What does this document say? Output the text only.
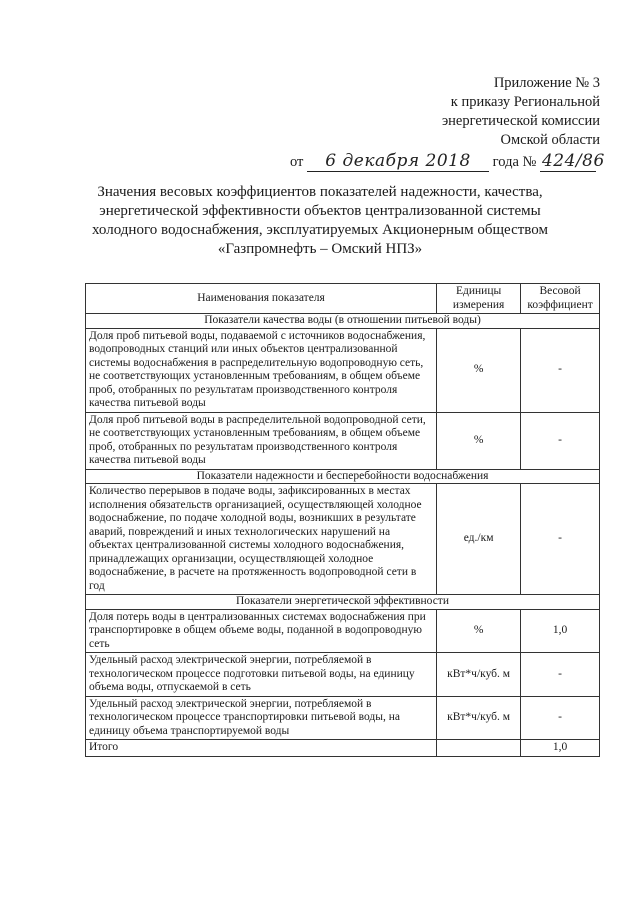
Приложение № 3
к приказу Региональной
энергетической комиссии
Омской области
от 6 декабря 2018 года № 424/86
Значения весовых коэффициентов показателей надежности, качества,
энергетической эффективности объектов централизованной системы
холодного водоснабжения, эксплуатируемых Акционерным обществом
«Газпромнефть – Омский НПЗ»
Наименования показателя	Единицы измерения	Весовой коэффициент
Показатели качества воды (в отношении питьевой воды)		
Доля проб питьевой воды, подаваемой с источников водоснабжения, водопроводных станций или иных объектов централизованной системы водоснабжения в распределительную водопроводную сеть, не соответствующих установленным требованиям, в общем объеме проб, отобранных по результатам производственного контроля качества питьевой воды	%	-
Доля проб питьевой воды в распределительной водопроводной сети, не соответствующих установленным требованиям, в общем объеме проб, отобранных по результатам производственного контроля качества питьевой воды	%	-
Показатели надежности и бесперебойности водоснабжения		
Количество перерывов в подаче воды, зафиксированных в местах исполнения обязательств организацией, осуществляющей холодное водоснабжение, по подаче холодной воды, возникших в результате аварий, повреждений и иных технологических нарушений на объектах централизованной системы холодного водоснабжения, принадлежащих организации, осуществляющей холодное водоснабжение, в расчете на протяженность водопроводной сети в год	ед./км	-
Показатели энергетической эффективности		
Доля потерь воды в централизованных системах водоснабжения при транспортировке в общем объеме воды, поданной в водопроводную сеть	%	1,0
Удельный расход электрической энергии, потребляемой в технологическом процессе подготовки питьевой воды, на единицу объема воды, отпускаемой в сеть	кВт*ч/куб. м	-
Удельный расход электрической энергии, потребляемой в технологическом процессе транспортировки питьевой воды, на единицу объема транспортируемой воды	кВт*ч/куб. м	-
Итого		1,0
